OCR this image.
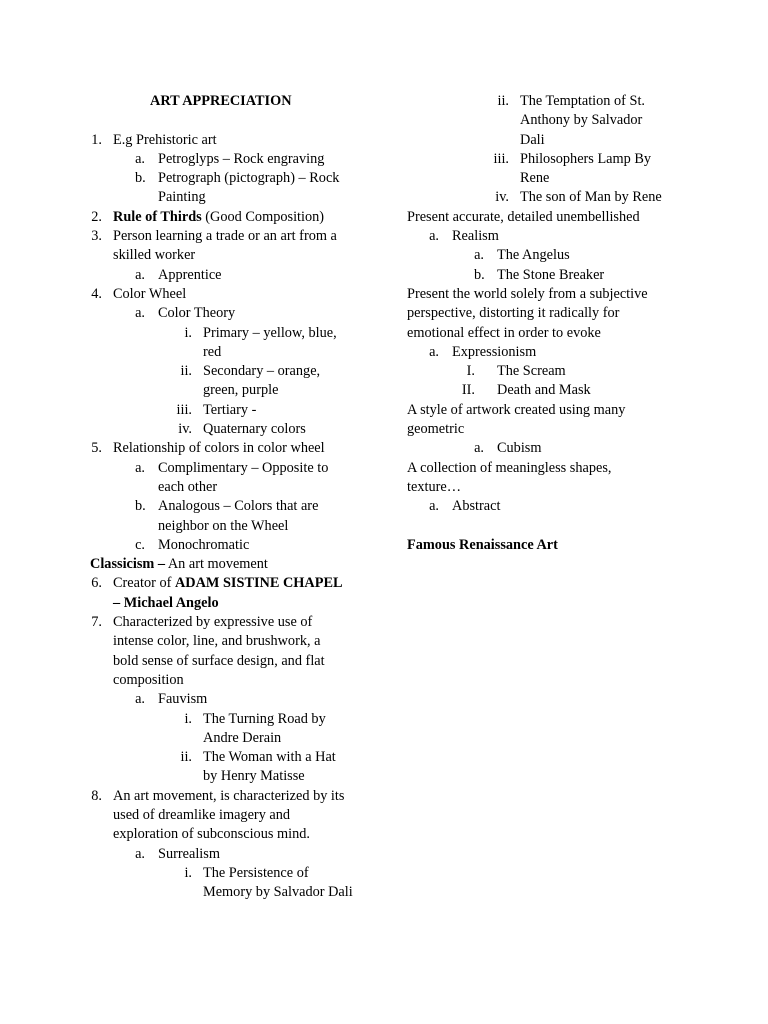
ART APPRECIATION

1. E.g Prehistoric art
a. Petroglyps – Rock engraving
b. Petrograph (pictograph) – Rock
Painting
2. Rule of Thirds (Good Composition)
3. Person learning a trade or an art from a
skilled worker
a. Apprentice
4. Color Wheel
a. Color Theory
i. Primary – yellow, blue,
red
ii. Secondary – orange,
green, purple
iii. Tertiary -
iv. Quaternary colors
5. Relationship of colors in color wheel
a. Complimentary – Opposite to
each other
b. Analogous – Colors that are
neighbor on the Wheel
c. Monochromatic
Classicism – An art movement
6. Creator of ADAM SISTINE CHAPEL
– Michael Angelo
7. Characterized by expressive use of
intense color, line, and brushwork, a
bold sense of surface design, and flat
composition
a. Fauvism
i. The Turning Road by
Andre Derain
ii. The Woman with a Hat
by Henry Matisse
8. An art movement, is characterized by its
used of dreamlike imagery and
exploration of subconscious mind.
a. Surrealism
i. The Persistence of
Memory by Salvador Dali
ii. The Temptation of St.
Anthony by Salvador
Dali
iii. Philosophers Lamp By
Rene
iv. The son of Man by Rene
Present accurate, detailed unembellished
a. Realism
a. The Angelus
b. The Stone Breaker
Present the world solely from a subjective
perspective, distorting it radically for
emotional effect in order to evoke
a. Expressionism
I. The Scream
II. Death and Mask
A style of artwork created using many
geometric
a. Cubism
A collection of meaningless shapes,
texture…
a. Abstract

Famous Renaissance Art
